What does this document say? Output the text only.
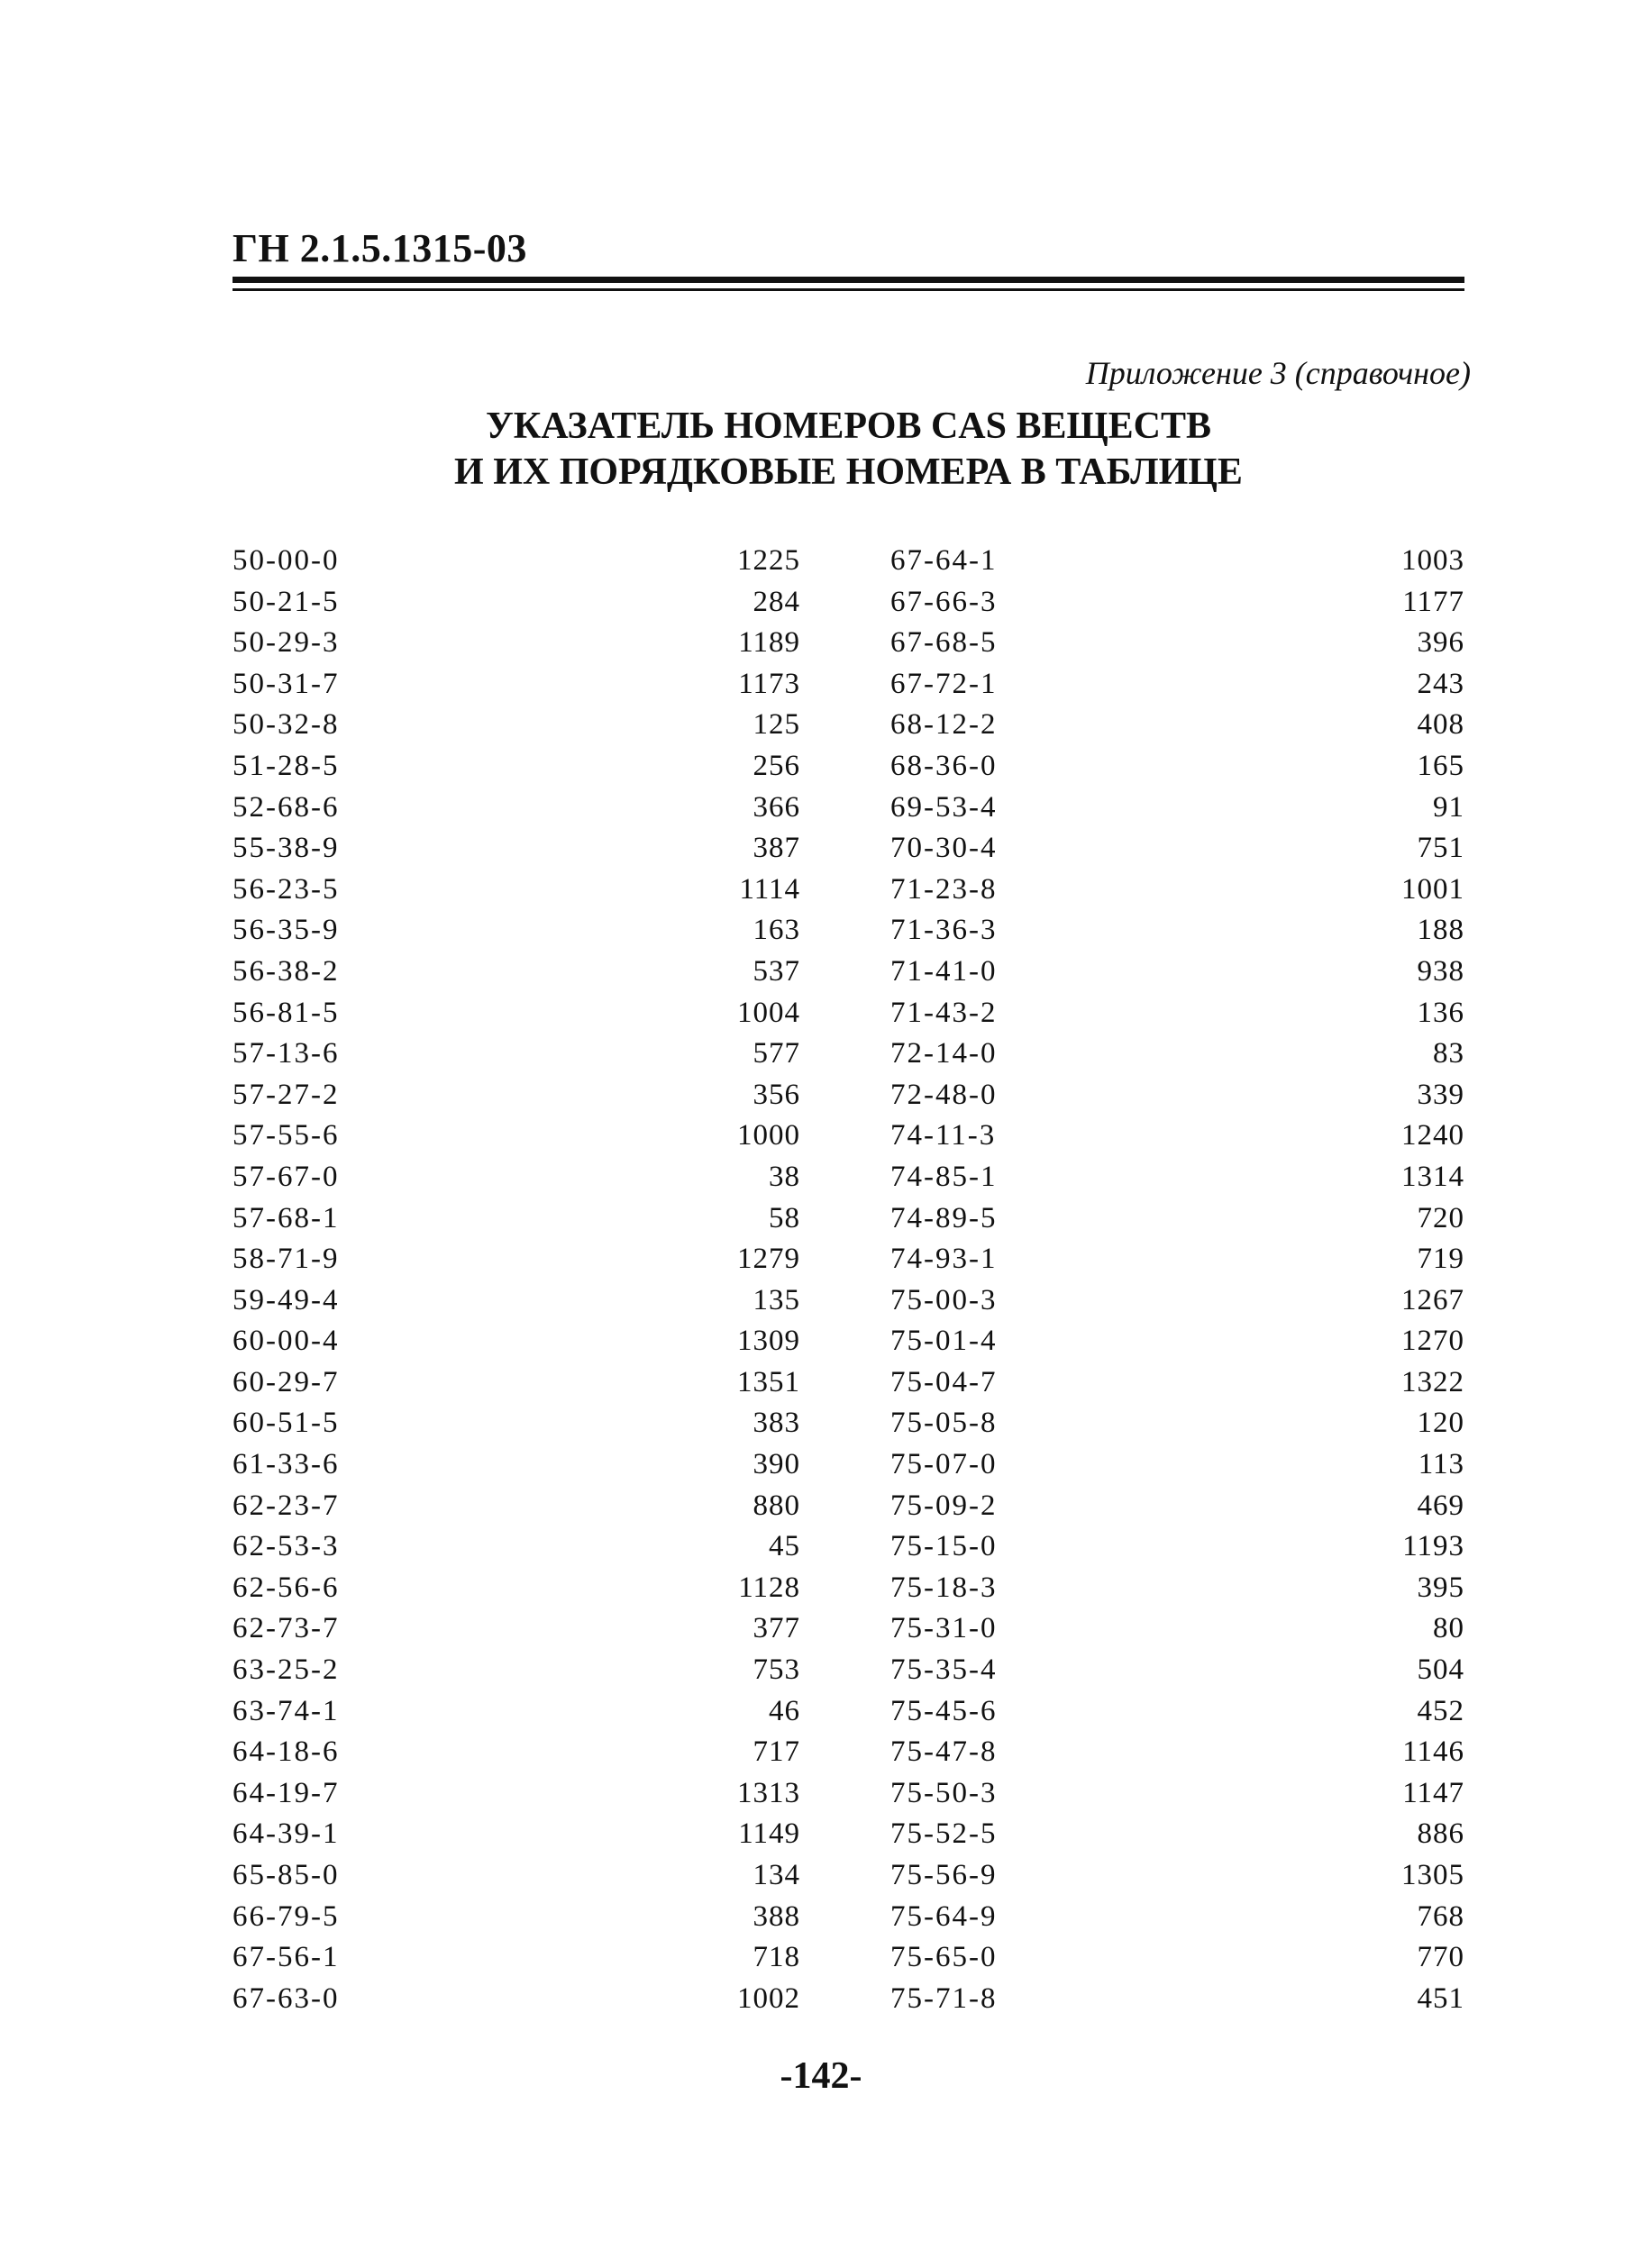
ГН 2.1.5.1315-03
Приложение 3 (справочное)
УКАЗАТЕЛЬ НОМЕРОВ CAS ВЕЩЕСТВ
И ИХ ПОРЯДКОВЫЕ НОМЕРА В ТАБЛИЦЕ
50-00-0	1225
50-21-5	284
50-29-3	1189
50-31-7	1173
50-32-8	125
51-28-5	256
52-68-6	366
55-38-9	387
56-23-5	1114
56-35-9	163
56-38-2	537
56-81-5	1004
57-13-6	577
57-27-2	356
57-55-6	1000
57-67-0	38
57-68-1	58
58-71-9	1279
59-49-4	135
60-00-4	1309
60-29-7	1351
60-51-5	383
61-33-6	390
62-23-7	880
62-53-3	45
62-56-6	1128
62-73-7	377
63-25-2	753
63-74-1	46
64-18-6	717
64-19-7	1313
64-39-1	1149
65-85-0	134
66-79-5	388
67-56-1	718
67-63-0	1002
67-64-1	1003
67-66-3	1177
67-68-5	396
67-72-1	243
68-12-2	408
68-36-0	165
69-53-4	91
70-30-4	751
71-23-8	1001
71-36-3	188
71-41-0	938
71-43-2	136
72-14-0	83
72-48-0	339
74-11-3	1240
74-85-1	1314
74-89-5	720
74-93-1	719
75-00-3	1267
75-01-4	1270
75-04-7	1322
75-05-8	120
75-07-0	113
75-09-2	469
75-15-0	1193
75-18-3	395
75-31-0	80
75-35-4	504
75-45-6	452
75-47-8	1146
75-50-3	1147
75-52-5	886
75-56-9	1305
75-64-9	768
75-65-0	770
75-71-8	451
-142-
